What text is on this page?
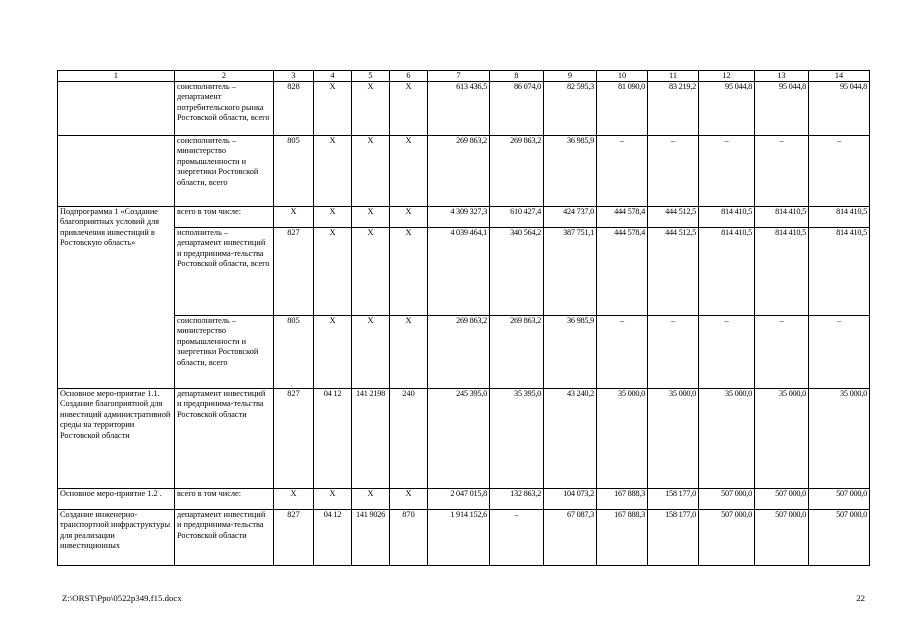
1	2	3	4	5	6	7	8	9	10	11	12	13	14
	соисполнитель – департамент потребительского рынка Ростовской области, всего	828	X	X	X	613 436,5	86 074,0	82 595,3	81 090,0	83 219,2	95 044,8	95 044,8	95 044,8
	соисполнитель – министерство промышленности и энергетики Ростовской области, всего	805	X	X	X	269 863,2	269 863,2	36 985,9	–	–	–	–	–
Подпрограмма 1 «Создание благоприятных условий для привлечения инвестиций в Ростовскую область»	всего в том числе:	X	X	X	X	4 309 327,3	610 427,4	424 737,0	444 578,4	444 512,5	814 410,5	814 410,5	814 410,5
	исполнитель – департамент инвестиций и предпринима-тельства Ростовской области, всего	827	X	X	X	4 039 464,1	340 564,2	387 751,1	444 578,4	444 512,5	814 410,5	814 410,5	814 410,5
	соисполнитель – министерство промышленности и энергетики Ростовской области, всего	805	X	X	X	269 863,2	269 863,2	36 985,9	–	–	–	–	–
Основное меро-приятие 1.1. Создание благоприятной для инвестиций административной среды на территории Ростовской области	департамент инвестиций и предпринима-тельства Ростовской области	827	04 12	141 2198	240	245 395,0	35 395,0	43 240,2	35 000,0	35 000,0	35 000,0	35 000,0	35 000,0
Основное меро-приятие 1.2 .	всего в том числе:	X	X	X	X	2 047 015,8	132 863,2	104 073,2	167 888,3	158 177,0	507 000,0	507 000,0	507 000,0
Создание инженерно-транспортной инфраструктуры для реализации инвестиционных	департамент инвестиций и предпринима-тельства Ростовской области	827	04 12	141 9026	870	1 914 152,6	–	67 087,3	167 888,3	158 177,0	507 000,0	507 000,0	507 000,0
Z:\ORST\Ppo\0522p349.f15.docx	22
